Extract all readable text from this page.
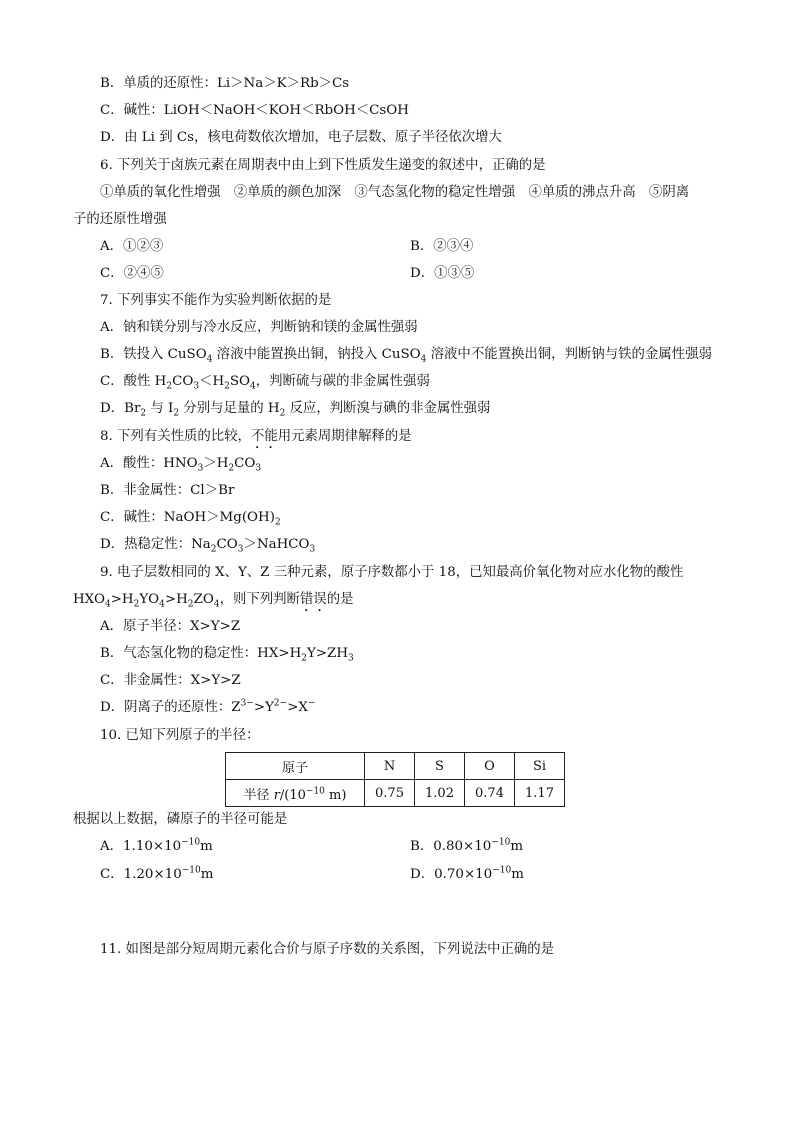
B．单质的还原性：Li＞Na＞K＞Rb＞Cs
C．碱性：LiOH＜NaOH＜KOH＜RbOH＜CsOH
D．由 Li 到 Cs，核电荷数依次增加，电子层数、原子半径依次增大
6. 下列关于卤族元素在周期表中由上到下性质发生递变的叙述中，正确的是
①单质的氧化性增强　②单质的颜色加深　③气态氢化物的稳定性增强　④单质的沸点升高　⑤阴离
子的还原性增强
A．①②③	B．②③④
C．②④⑤	D．①③⑤
7. 下列事实不能作为实验判断依据的是
A．钠和镁分别与冷水反应，判断钠和镁的金属性强弱
B．铁投入 CuSO$_4$ 溶液中能置换出铜，钠投入 CuSO$_4$ 溶液中不能置换出铜，判断钠与铁的金属性强弱
C．酸性 $H_2CO_3<H_2SO_4$，判断硫与碳的非金属性强弱
D．$Br_2$ 与 $I_2$ 分别与足量的 $H_2$ 反应，判断溴与碘的非金属性强弱
8. 下列有关性质的比较，不能用元素周期律解释的是
A．酸性：$HNO_3>H_2CO_3$
B．非金属性：Cl＞Br
C．碱性：$NaOH>Mg(OH)_2$
D．热稳定性：$Na_2CO_3>NaHCO_3$
9. 电子层数相同的 X、Y、Z 三种元素，原子序数都小于 18，已知最高价氧化物对应水化物的酸性
$HXO_4>H_2YO_4>H_2ZO_4$，则下列判断错误的是
A．原子半径：X>Y>Z
B．气态氢化物的稳定性：$HX>H_2Y>ZH_3$
C．非金属性：X>Y>Z
D．阴离子的还原性：$Z^{3-}>Y^{2-}>X^-$
10. 已知下列原子的半径：
原子	N	S	O	Si
半径 $r/(10^{-10}$ m)	0.75	1.02	0.74	1.17
根据以上数据，磷原子的半径可能是
A．$1.10\times 10^{-10}m$	B．$0.80\times 10^{-10}m$
C．$1.20\times 10^{-10}m$	D．$0.70\times 10^{-10}m$
11. 如图是部分短周期元素化合价与原子序数的关系图，下列说法中正确的是
